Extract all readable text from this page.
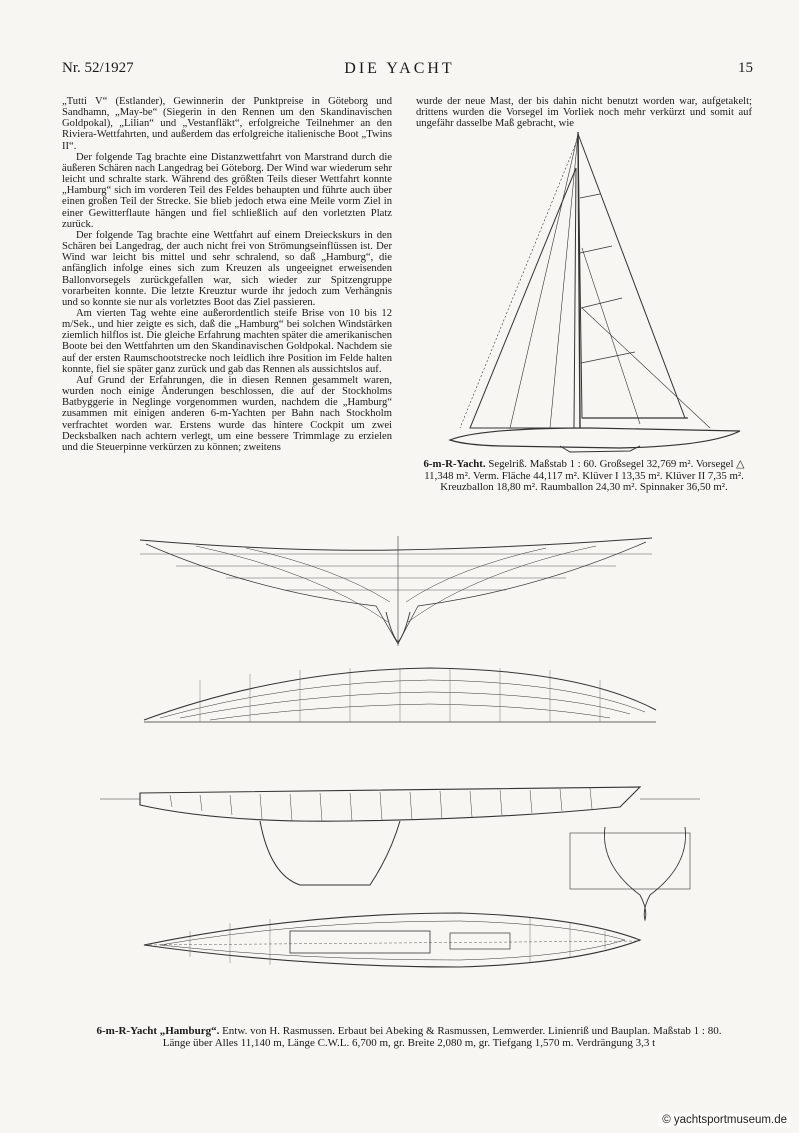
Nr. 52/1927	DIE YACHT	15

„Tutti V“ (Estlander), Gewinnerin der Punktpreise in Göteborg und Sandhamn, „May-be“ (Siegerin in den Rennen um den Skandinavischen Goldpokal), „Lilian“ und „Vestanfläkt“, erfolgreiche Teilnehmer an den Riviera-Wettfahrten, und außerdem das erfolgreiche italienische Boot „Twins II“.

Der folgende Tag brachte eine Distanzwettfahrt von Marstrand durch die äußeren Schären nach Langedrag bei Göteborg. Der Wind war wiederum sehr leicht und schralte stark. Während des größten Teils dieser Wettfahrt konnte „Hamburg“ sich im vorderen Teil des Feldes behaupten und führte auch über einen großen Teil der Strecke. Sie blieb jedoch etwa eine Meile vorm Ziel in einer Gewitterflaute hängen und fiel schließlich auf den vorletzten Platz zurück.

Der folgende Tag brachte eine Wettfahrt auf einem Dreieckskurs in den Schären bei Langedrag, der auch nicht frei von Strömungseinflüssen ist. Der Wind war leicht bis mittel und sehr schralend, so daß „Hamburg“, die anfänglich infolge eines sich zum Kreuzen als ungeeignet erweisenden Ballonvorsegels zurückgefallen war, sich wieder zur Spitzengruppe vorarbeiten konnte. Die letzte Kreuztur wurde ihr jedoch zum Verhängnis und so konnte sie nur als vorletztes Boot das Ziel passieren.

Am vierten Tag wehte eine außerordentlich steife Brise von 10 bis 12 m/Sek., und hier zeigte es sich, daß die „Hamburg“ bei solchen Windstärken ziemlich hilflos ist. Die gleiche Erfahrung machten später die amerikanischen Boote bei den Wettfahrten um den Skandinavischen Goldpokal. Nachdem sie auf der ersten Raumschootstrecke noch leidlich ihre Position im Felde halten konnte, fiel sie später ganz zurück und gab das Rennen als aussichtslos auf.

Auf Grund der Erfahrungen, die in diesen Rennen gesammelt waren, wurden noch einige Änderungen beschlossen, die auf der Stockholms Batbyggerie in Neglinge vorgenommen wurden, nachdem die „Hamburg“ zusammen mit einigen anderen 6-m-Yachten per Bahn nach Stockholm verfrachtet worden war. Erstens wurde das hintere Cockpit um zwei Decksbalken nach achtern verlegt, um eine bessere Trimmlage zu erzielen und die Steuerpinne verkürzen zu können; zweitens

wurde der neue Mast, der bis dahin nicht benutzt worden war, aufgetakelt; drittens wurden die Vorsegel im Vorliek noch mehr verkürzt und somit auf ungefähr dasselbe Maß gebracht, wie
6-m-R-Yacht. Segelriß. Maßstab 1 : 60. Großsegel 32,769 m². Vorsegel △ 11,348 m². Verm. Fläche 44,117 m². Klüver I 13,35 m². Klüver II 7,35 m². Kreuzballon 18,80 m². Raumballon 24,30 m². Spinnaker 36,50 m².
6-m-R-Yacht „Hamburg“. Entw. von H. Rasmussen. Erbaut bei Abeking & Rasmussen, Lemwerder. Linienriß und Bauplan. Maßstab 1 : 80. Länge über Alles 11,140 m, Länge C.W.L. 6,700 m, gr. Breite 2,080 m, gr. Tiefgang 1,570 m. Verdrängung 3,3 t
© yachtsportmuseum.de
